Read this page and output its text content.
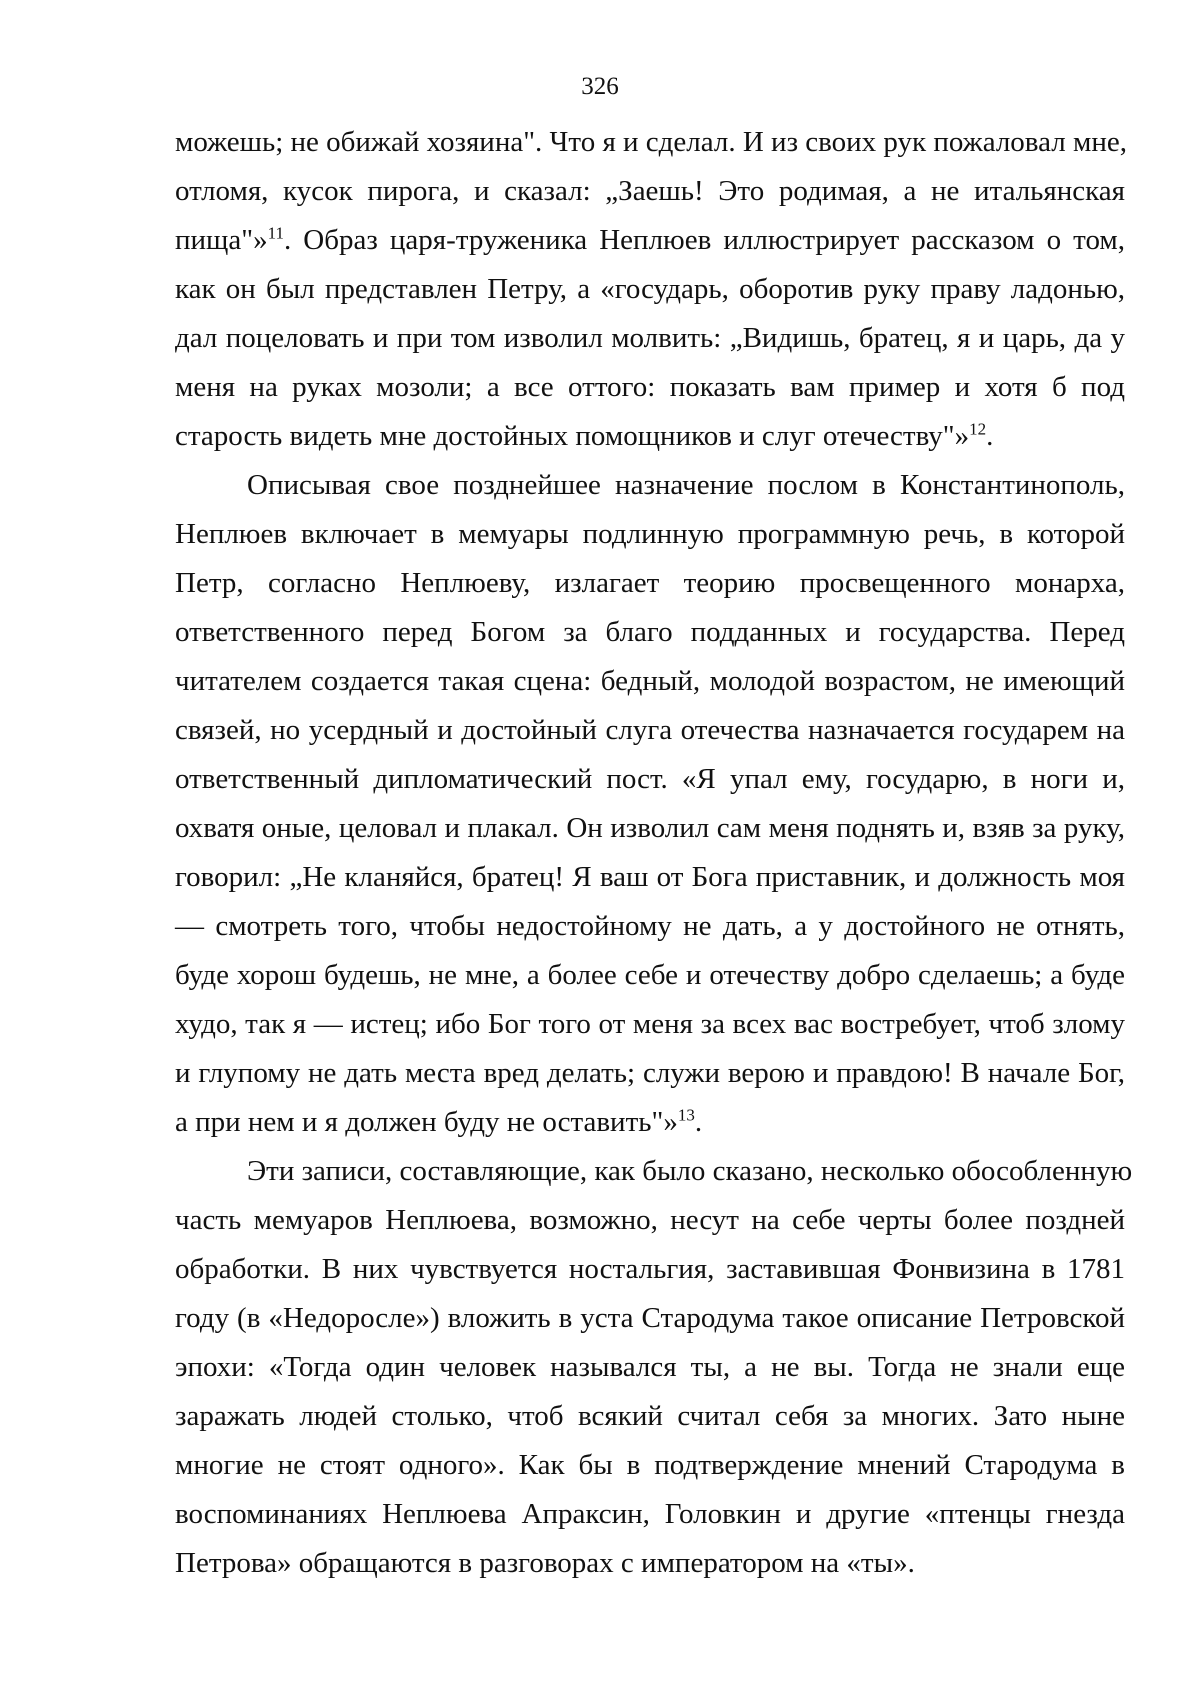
326
можешь; не обижай хозяина". Что я и сделал. И из своих рук пожаловал мне,
отломя, кусок пирога, и сказал: „Заешь! Это родимая, а не итальянская
пища"»$^{11}$. Образ царя-труженика Неплюев иллюстрирует рассказом о том,
как он был представлен Петру, а «государь, оборотив руку праву ладонью,
дал поцеловать и при том изволил молвить: „Видишь, братец, я и царь, да у
меня на руках мозоли; а все оттого: показать вам пример и хотя б под
старость видеть мне достойных помощников и слуг отечеству"»$^{12}$.
Описывая свое позднейшее назначение послом в Константинополь,
Неплюев включает в мемуары подлинную программную речь, в которой
Петр, согласно Неплюеву, излагает теорию просвещенного монарха,
ответственного перед Богом за благо подданных и государства. Перед
читателем создается такая сцена: бедный, молодой возрастом, не имеющий
связей, но усердный и достойный слуга отечества назначается государем на
ответственный дипломатический пост. «Я упал ему, государю, в ноги и,
охватя оные, целовал и плакал. Он изволил сам меня поднять и, взяв за руку,
говорил: „Не кланяйся, братец! Я ваш от Бога приставник, и должность моя
— смотреть того, чтобы недостойному не дать, а у достойного не отнять,
буде хорош будешь, не мне, а более себе и отечеству добро сделаешь; а буде
худо, так я — истец; ибо Бог того от меня за всех вас востребует, чтоб злому
и глупому не дать места вред делать; служи верою и правдою! В начале Бог,
а при нем и я должен буду не оставить"»$^{13}$.
Эти записи, составляющие, как было сказано, несколько обособленную
часть мемуаров Неплюева, возможно, несут на себе черты более поздней
обработки. В них чувствуется ностальгия, заставившая Фонвизина в 1781
году (в «Недоросле») вложить в уста Стародума такое описание Петровской
эпохи: «Тогда один человек назывался ты, а не вы. Тогда не знали еще
заражать людей столько, чтоб всякий считал себя за многих. Зато ныне
многие не стоят одного». Как бы в подтверждение мнений Стародума в
воспоминаниях Неплюева Апраксин, Головкин и другие «птенцы гнезда
Петрова» обращаются в разговорах с императором на «ты».
